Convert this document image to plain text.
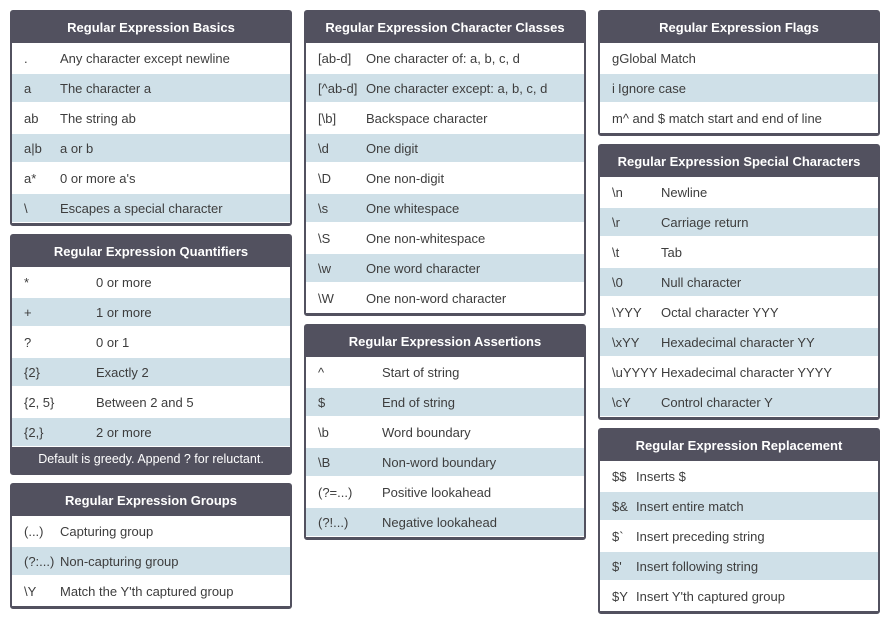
Regular Expression Basics
.	Any character except newline
a	The character a
ab	The string ab
a|b	a or b
a*	0 or more a's
\	Escapes a special character
Regular Expression Quantifiers
*	0 or more
+	1 or more
?	0 or 1
{2}	Exactly 2
{2, 5}	Between 2 and 5
{2,}	2 or more
Default is greedy. Append ? for reluctant.
Regular Expression Groups
(...)	Capturing group
(?:...) Non-capturing group
\Y	Match the Y'th captured group
Regular Expression Character Classes
[ab-d]	One character of: a, b, c, d
[^ab-d] One character except: a, b, c, d
[\b]	Backspace character
\d	One digit
\D	One non-digit
\s	One whitespace
\S	One non-whitespace
\w	One word character
\W	One non-word character
Regular Expression Assertions
^	Start of string
$	End of string
\b	Word boundary
\B	Non-word boundary
(?=...)	Positive lookahead
(?!...)	Negative lookahead
Regular Expression Flags
g Global Match
i Ignore case
m ^ and $ match start and end of line
Regular Expression Special Characters
\n	Newline
\r	Carriage return
\t	Tab
\0	Null character
\YYY	Octal character YYY
\xYY	Hexadecimal character YY
\uYYYY Hexadecimal character YYYY
\cY	Control character Y
Regular Expression Replacement
$$ Inserts $
$& Insert entire match
$` Insert preceding string
$'	Insert following string
$Y Insert Y'th captured group
